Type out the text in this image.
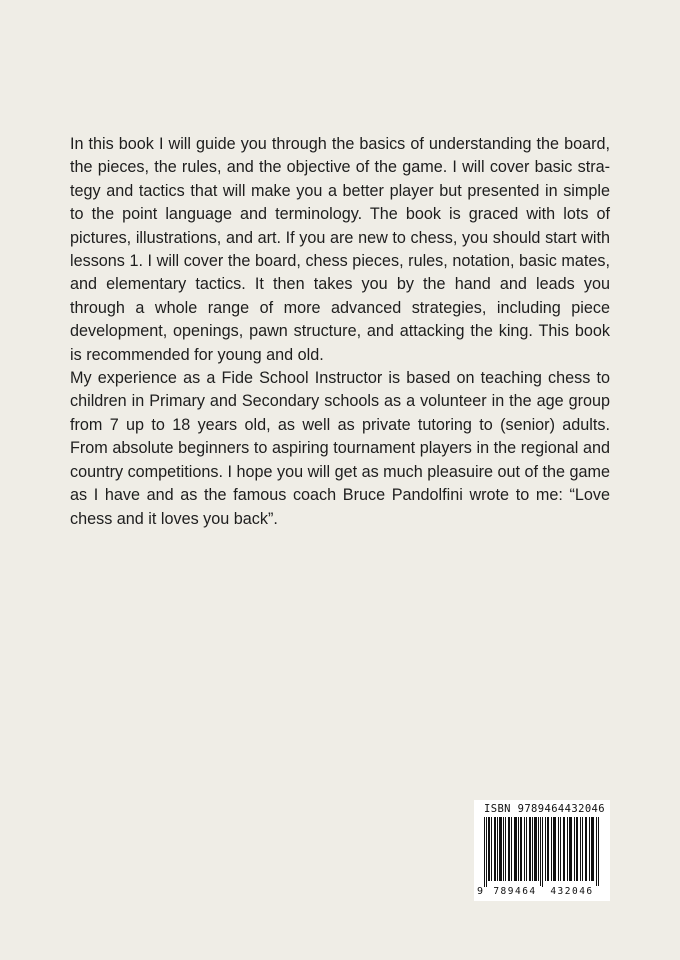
In this book I will guide you through the basics of understanding the board, the pieces, the rules, and the objective of the game. I will cover basic strategy and tactics that will make you a better player but presented in simple to the point language and terminology. The book is graced with lots of pictures, illustrations, and art. If you are new to chess, you should start with lessons 1. I will cover the board, chess pieces, rules, notation, basic mates, and elementary tactics. It then takes you by the hand and leads you through a whole range of more advanced strategies, including piece development, openings, pawn structure, and attacking the king. This book is recommended for young and old.

My experience as a Fide School Instructor is based on teaching chess to children in Primary and Secondary schools as a volunteer in the age group from 7 up to 18 years old, as well as private tutoring to (senior) adults. From absolute beginners to aspiring tournament players in the regional and country competitions. I hope you will get as much pleasuire out of the game as I have and as the famous coach Bruce Pandolfini wrote to me: “Love chess and it loves you back”.

ISBN 9789464432046
9	789464	432046
